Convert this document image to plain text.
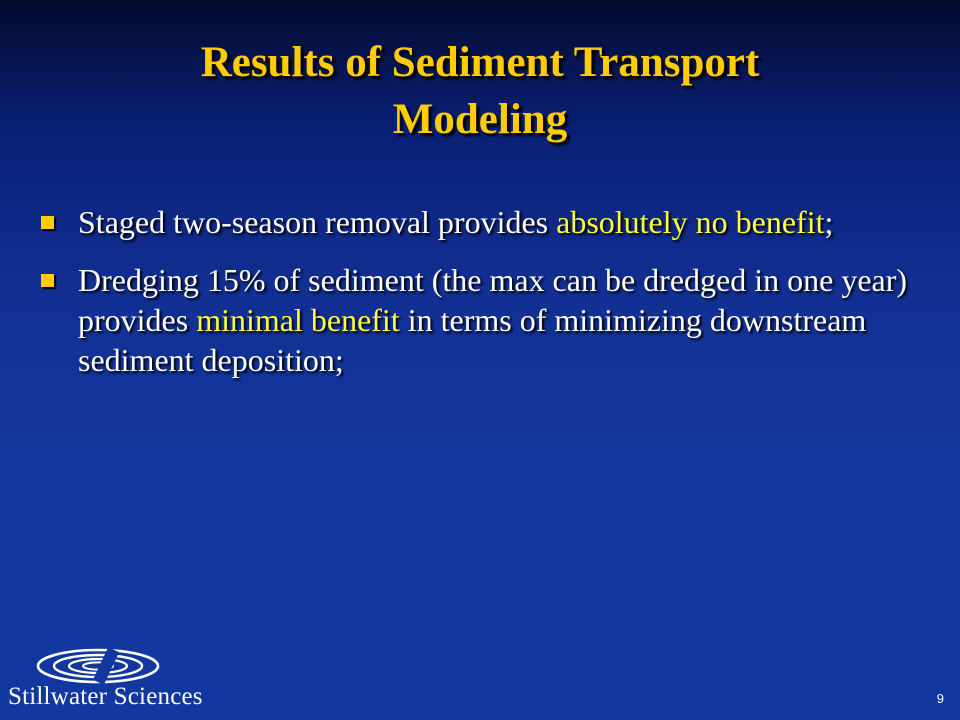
Results of Sediment Transport
Modeling
Staged two-season removal provides absolutely no benefit;
Dredging 15% of sediment (the max can be dredged in one year) provides minimal benefit in terms of minimizing downstream sediment deposition;
Stillwater Sciences	9
